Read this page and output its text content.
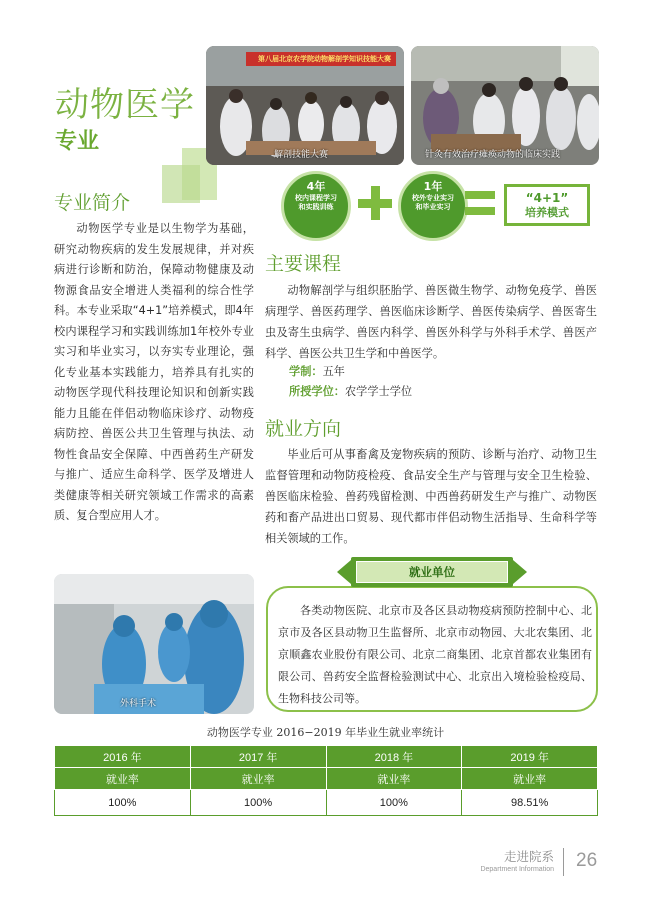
动物医学
专业
第八届北京农学院动物解剖学知识技能大赛
解剖技能大赛	针灸有效治疗瘫痪动物的临床实践
专业简介

动物医学专业是以生物学为基础，研究动物疾病的发生发展规律，并对疾病进行诊断和防治，保障动物健康及动物源食品安全增进人类福利的综合性学科。本专业采取“4+1”培养模式，即4年校内课程学习和实践训练加1年校外专业实习和毕业实习，以夯实专业理论，强化专业基本实践能力，培养具有扎实的动物医学现代科技理论知识和创新实践能力且能在伴侣动物临床诊疗、动物疫病防控、兽医公共卫生管理与执法、动物性食品安全保障、中西兽药生产研发与推广、适应生命科学、医学及增进人类健康等相关研究领域工作需求的高素质、复合型应用人才。

4年
校内课程学习和实践训练
1年
校外专业实习和毕业实习
“4+1”
培养模式
主要课程

动物解剖学与组织胚胎学、兽医微生物学、动物免疫学、兽医病理学、兽医药理学、兽医临床诊断学、兽医传染病学、兽医寄生虫及寄生虫病学、兽医内科学、兽医外科学与外科手术学、兽医产科学、兽医公共卫生学和中兽医学。

学制：五年
所授学位：农学学士学位
就业方向

毕业后可从事畜禽及宠物疾病的预防、诊断与治疗、动物卫生监督管理和动物防疫检疫、食品安全生产与管理与安全卫生检验、兽医临床检验、兽药残留检测、中西兽药研发生产与推广、动物医药和畜产品进出口贸易、现代都市伴侣动物生活指导、生命科学等相关领域的工作。

外科手术
就业单位

各类动物医院、北京市及各区县动物疫病预防控制中心、北京市及各区县动物卫生监督所、北京市动物园、大北农集团、北京顺鑫农业股份有限公司、北京二商集团、北京首都农业集团有限公司、兽药安全监督检验测试中心、北京出入境检验检疫局、生物科技公司等。

动物医学专业 2016−2019 年毕业生就业率统计
2016 年	2017 年	2018 年	2019 年
就业率	就业率	就业率	就业率
100%	100%	100%	98.51%
走进院系
Department Information 26
